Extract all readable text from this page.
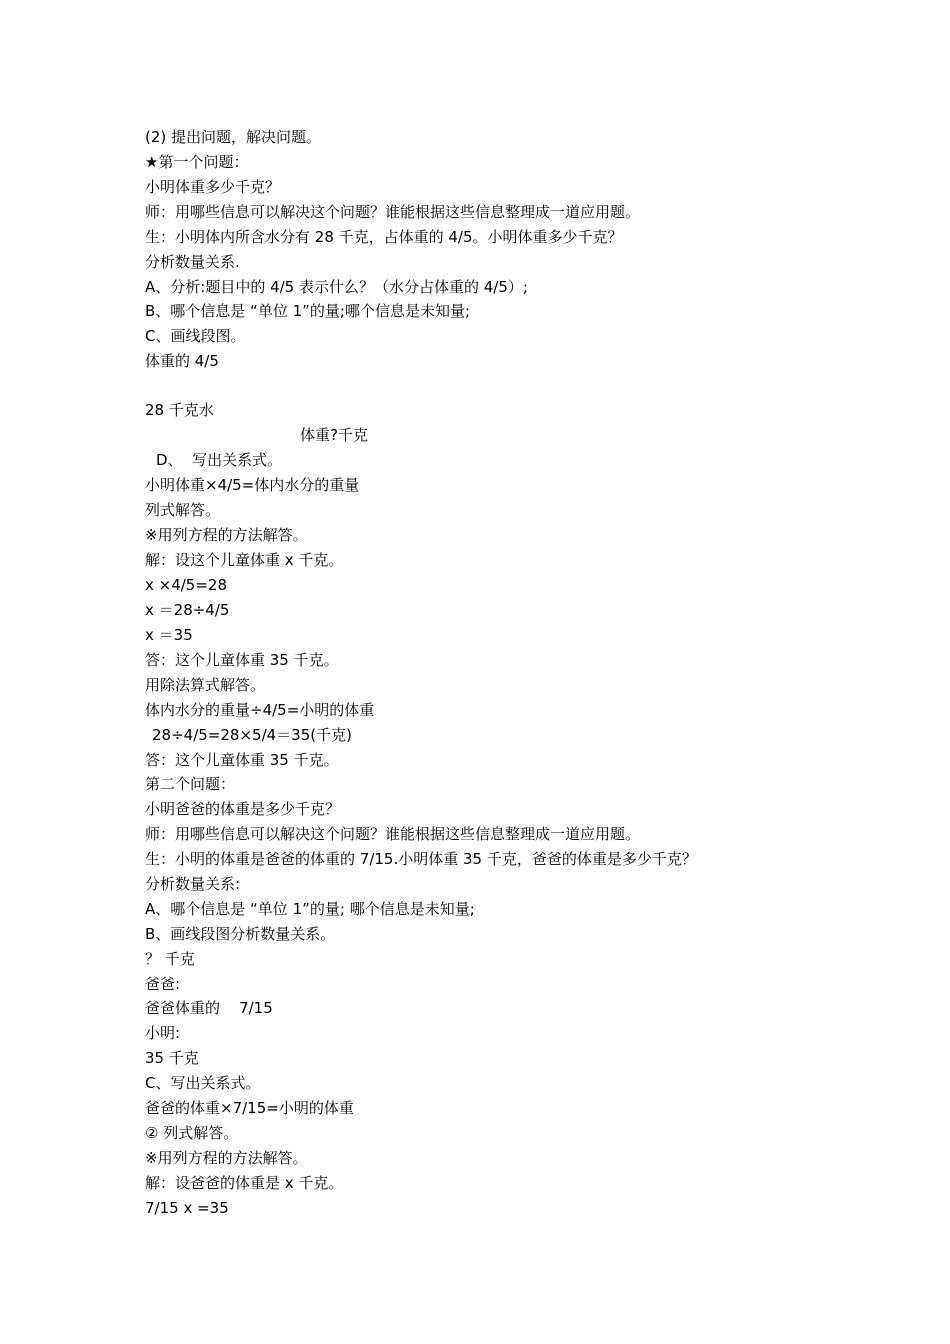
(2) 提出问题，解决问题。
★第一个问题：
小明体重多少千克？
师：用哪些信息可以解决这个问题？谁能根据这些信息整理成一道应用题。
生：小明体内所含水分有 28 千克，占体重的 4/5。小明体重多少千克？
分析数量关系.
A、分析:题目中的 4/5 表示什么？（水分占体重的 4/5）;
B、哪个信息是 “单位 1”的量;哪个信息是未知量;
C、画线段图。
体重的 4/5
28 千克水
体重?千克
D、  写出关系式。
小明体重×4/5=体内水分的重量
列式解答。
※用列方程的方法解答。
解：设这个儿童体重 x 千克。
x ×4/5=28
x ＝28÷4/5
x ＝35
答：这个儿童体重 35 千克。
用除法算式解答。
体内水分的重量÷4/5=小明的体重
28÷4/5=28×5/4＝35(千克)
答：这个儿童体重 35 千克。
第二个问题：
小明爸爸的体重是多少千克？
师：用哪些信息可以解决这个问题？谁能根据这些信息整理成一道应用题。
生：小明的体重是爸爸的体重的 7/15.小明体重 35 千克，爸爸的体重是多少千克？
分析数量关系:
A、哪个信息是 “单位 1”的量; 哪个信息是未知量;
B、画线段图分析数量关系。
？ 千克
爸爸:
爸爸体重的    7/15
小明:
35 千克
C、写出关系式。
爸爸的体重×7/15=小明的体重
② 列式解答。
※用列方程的方法解答。
解：设爸爸的体重是 x 千克。
7/15 x =35
